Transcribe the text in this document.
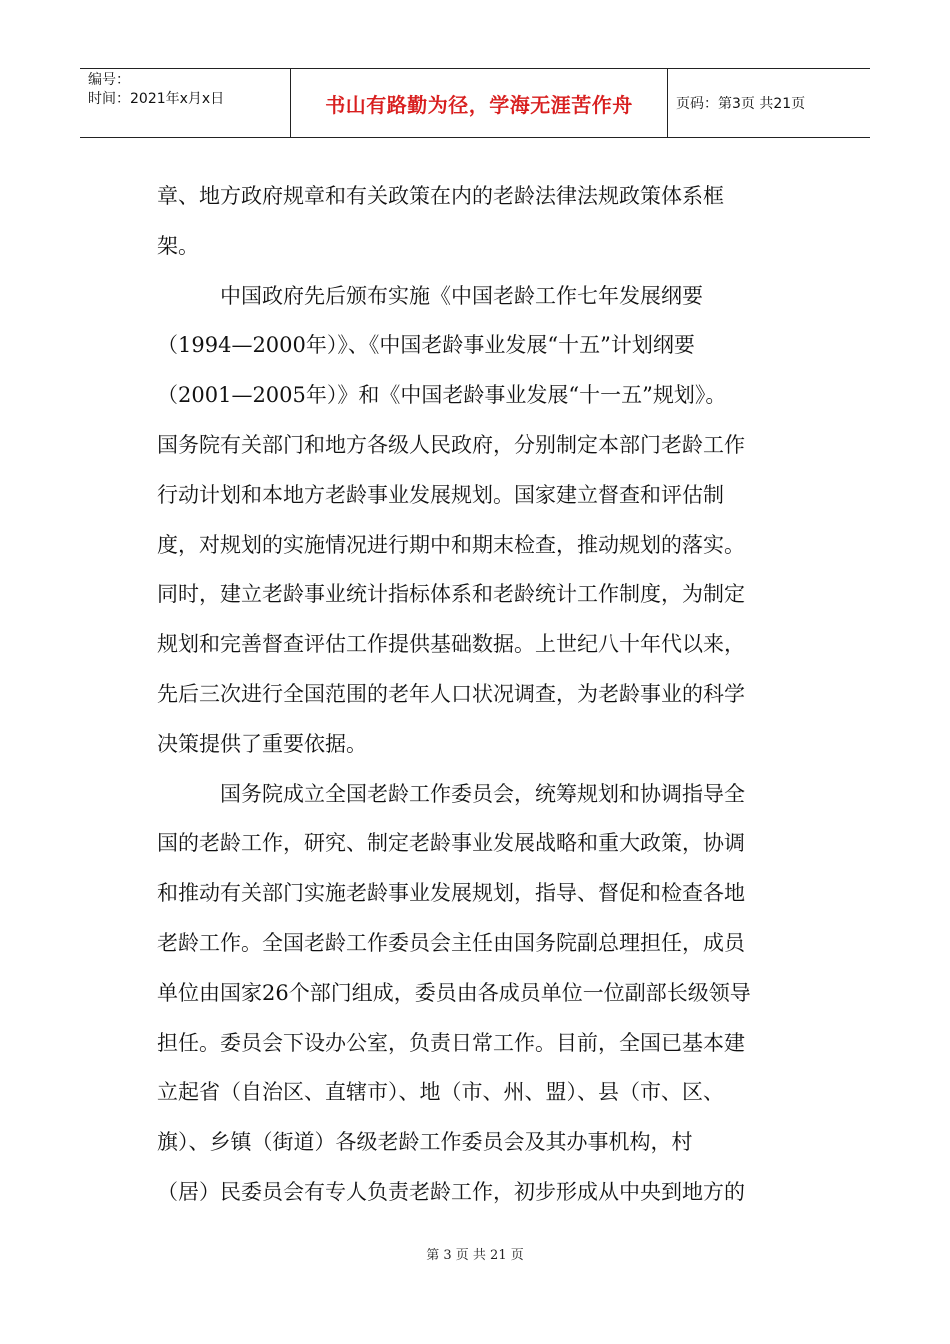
编号：
时间：2021年x月x日	书山有路勤为径，学海无涯苦作舟	页码：第3页 共21页

章、地方政府规章和有关政策在内的老龄法律法规政策体系框

架。

　　　中国政府先后颁布实施《中国老龄工作七年发展纲要

（1994—2000年）》、《中国老龄事业发展“十五”计划纲要

（2001—2005年）》和《中国老龄事业发展“十一五”规划》。

国务院有关部门和地方各级人民政府，分别制定本部门老龄工作

行动计划和本地方老龄事业发展规划。国家建立督查和评估制

度，对规划的实施情况进行期中和期末检查，推动规划的落实。

同时，建立老龄事业统计指标体系和老龄统计工作制度，为制定

规划和完善督查评估工作提供基础数据。上世纪八十年代以来，

先后三次进行全国范围的老年人口状况调查，为老龄事业的科学

决策提供了重要依据。

　　　国务院成立全国老龄工作委员会，统筹规划和协调指导全

国的老龄工作，研究、制定老龄事业发展战略和重大政策，协调

和推动有关部门实施老龄事业发展规划，指导、督促和检查各地

老龄工作。全国老龄工作委员会主任由国务院副总理担任，成员

单位由国家26个部门组成，委员由各成员单位一位副部长级领导

担任。委员会下设办公室，负责日常工作。目前，全国已基本建

立起省（自治区、直辖市）、地（市、州、盟）、县（市、区、

旗）、乡镇（街道）各级老龄工作委员会及其办事机构，村

（居）民委员会有专人负责老龄工作，初步形成从中央到地方的

第 3 页 共 21 页
